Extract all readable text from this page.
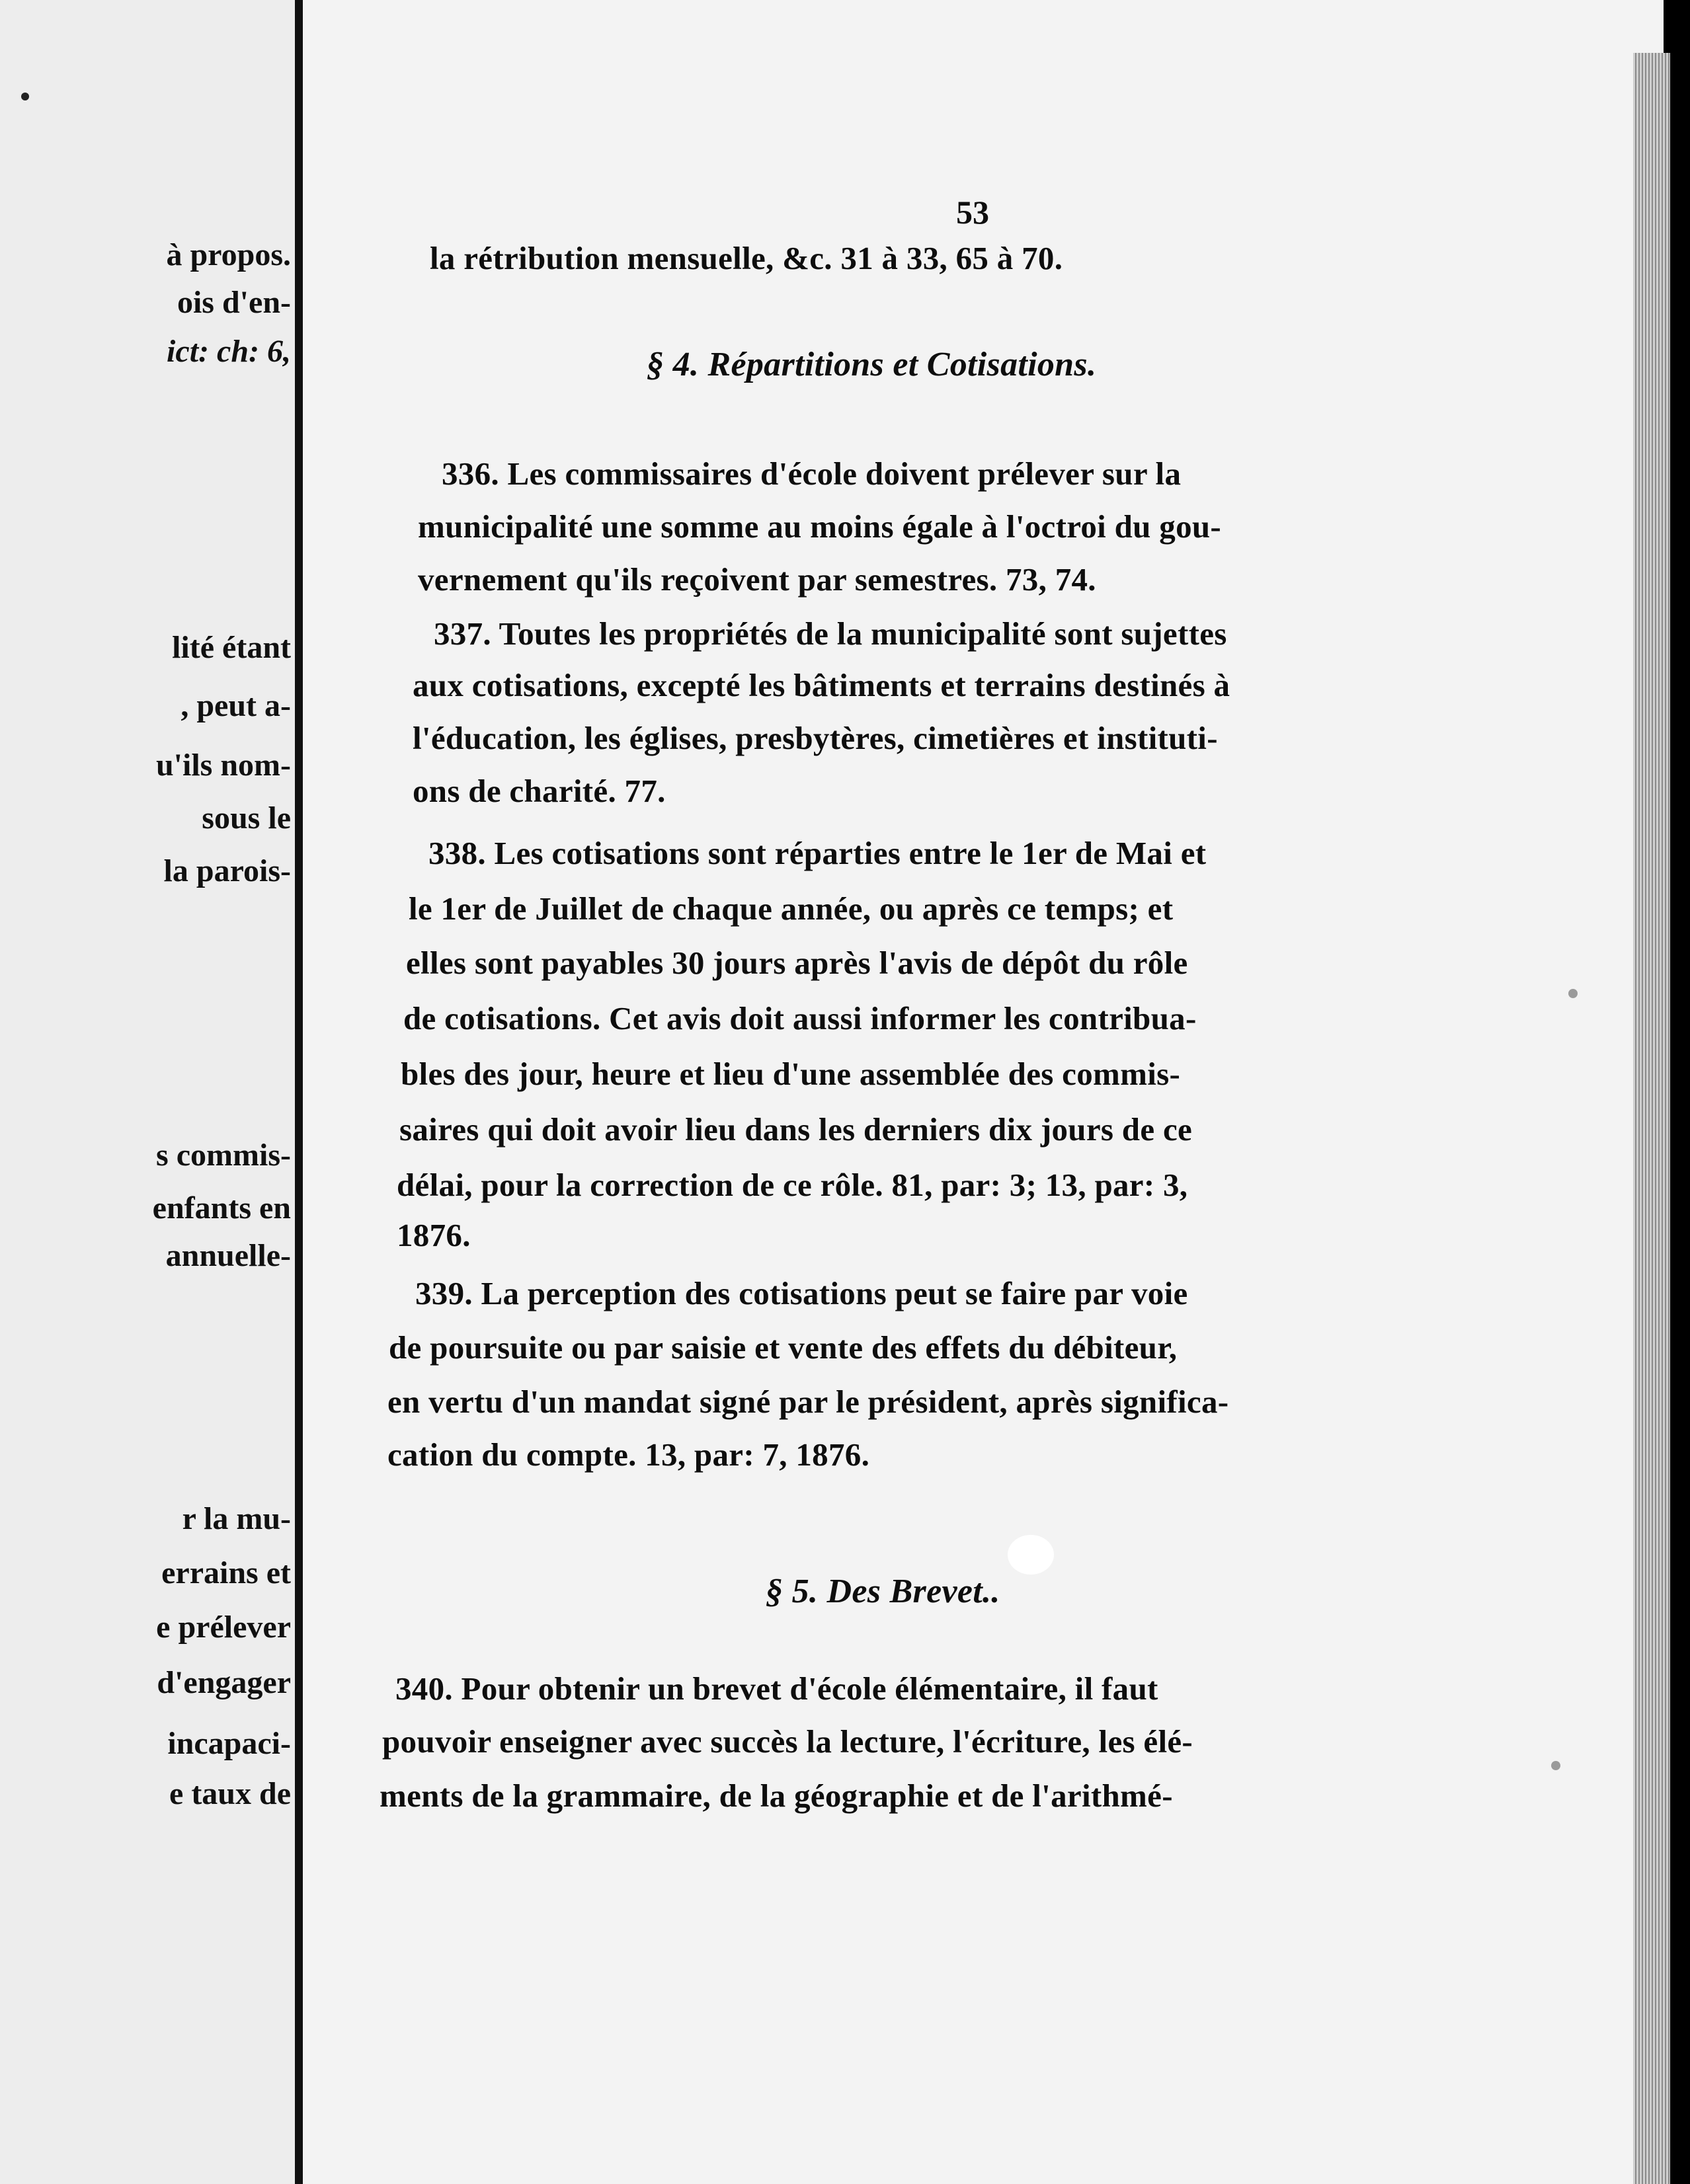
à propos.
ois d'en-
ict: ch: 6,
lité étant
, peut a-
u'ils nom-
sous le
la parois-
s commis-
enfants en
annuelle-
r la mu-
errains et
e prélever
d'engager
incapaci-
e taux de
53
la rétribution mensuelle, &c. 31 à 33, 65 à 70.
§ 4. Répartitions et Cotisations.
336. Les commissaires d'école doivent prélever sur la
municipalité une somme au moins égale à l'octroi du gou-
vernement qu'ils reçoivent par semestres. 73, 74.
337. Toutes les propriétés de la municipalité sont sujettes
aux cotisations, excepté les bâtiments et terrains destinés à
l'éducation, les églises, presbytères, cimetières et instituti-
ons de charité. 77.
338. Les cotisations sont réparties entre le 1er de Mai et
le 1er de Juillet de chaque année, ou après ce temps; et
elles sont payables 30 jours après l'avis de dépôt du rôle
de cotisations. Cet avis doit aussi informer les contribua-
bles des jour, heure et lieu d'une assemblée des commis-
saires qui doit avoir lieu dans les derniers dix jours de ce
délai, pour la correction de ce rôle. 81, par: 3; 13, par: 3,
1876.
339. La perception des cotisations peut se faire par voie
de poursuite ou par saisie et vente des effets du débiteur,
en vertu d'un mandat signé par le président, après significa-
cation du compte. 13, par: 7, 1876.
§ 5. Des Brevet..
340. Pour obtenir un brevet d'école élémentaire, il faut
pouvoir enseigner avec succès la lecture, l'écriture, les élé-
ments de la grammaire, de la géographie et de l'arithmé-
